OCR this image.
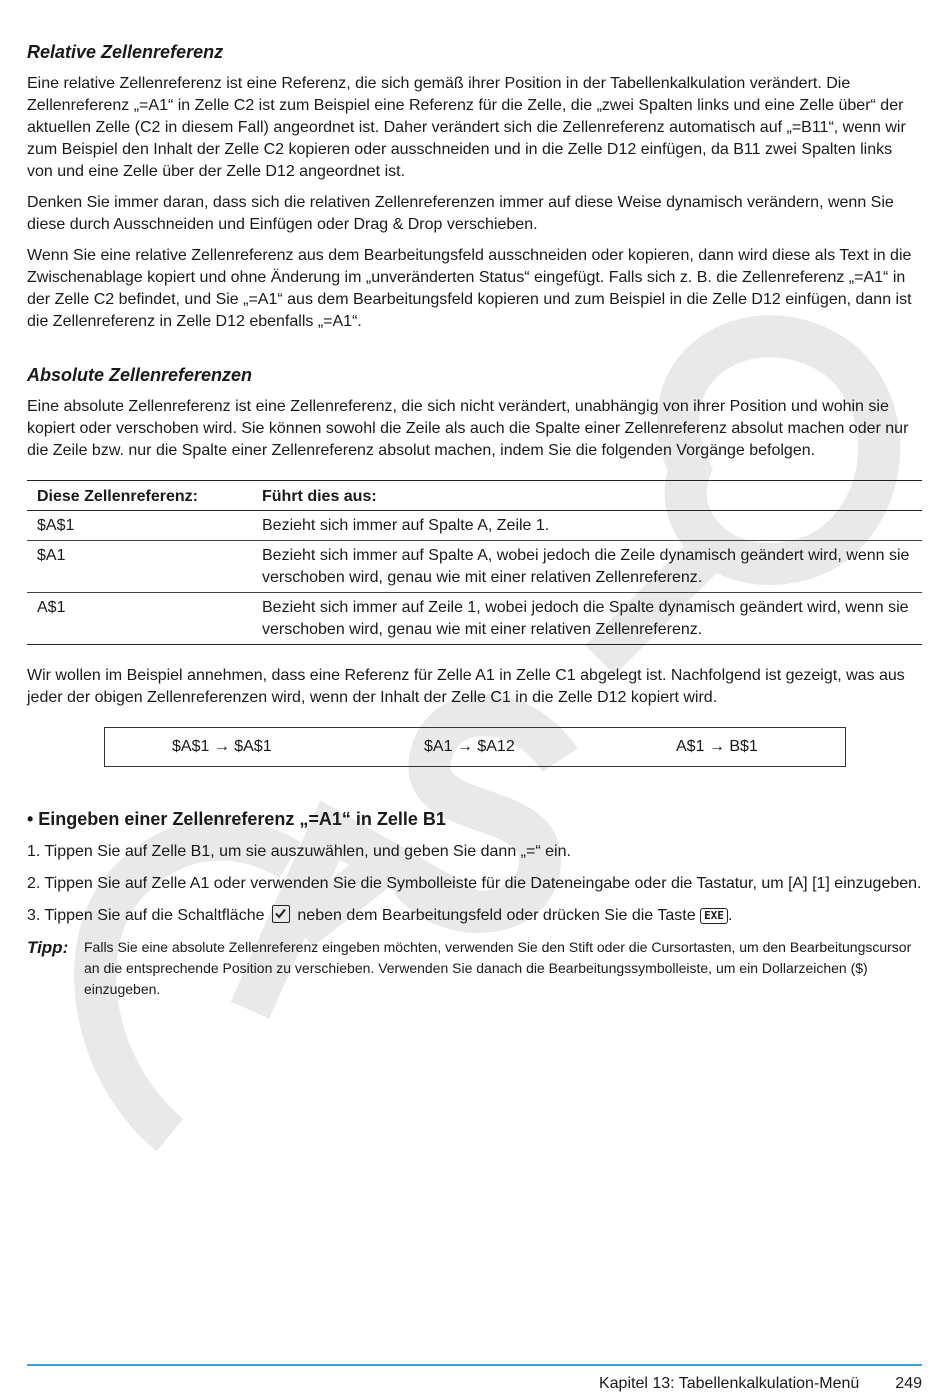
Relative Zellenreferenz

Eine relative Zellenreferenz ist eine Referenz, die sich gemäß ihrer Position in der Tabellenkalkulation verändert. Die Zellenreferenz „=A1“ in Zelle C2 ist zum Beispiel eine Referenz für die Zelle, die „zwei Spalten links und eine Zelle über“ der aktuellen Zelle (C2 in diesem Fall) angeordnet ist. Daher verändert sich die Zellenreferenz automatisch auf „=B11“, wenn wir zum Beispiel den Inhalt der Zelle C2 kopieren oder ausschneiden und in die Zelle D12 einfügen, da B11 zwei Spalten links von und eine Zelle über der Zelle D12 angeordnet ist.

Denken Sie immer daran, dass sich die relativen Zellenreferenzen immer auf diese Weise dynamisch verändern, wenn Sie diese durch Ausschneiden und Einfügen oder Drag & Drop verschieben.

Wenn Sie eine relative Zellenreferenz aus dem Bearbeitungsfeld ausschneiden oder kopieren, dann wird diese als Text in die Zwischenablage kopiert und ohne Änderung im „unveränderten Status“ eingefügt. Falls sich z. B. die Zellenreferenz „=A1“ in der Zelle C2 befindet, und Sie „=A1“ aus dem Bearbeitungsfeld kopieren und zum Beispiel in die Zelle D12 einfügen, dann ist die Zellenreferenz in Zelle D12 ebenfalls „=A1“.

Absolute Zellenreferenzen

Eine absolute Zellenreferenz ist eine Zellenreferenz, die sich nicht verändert, unabhängig von ihrer Position und wohin sie kopiert oder verschoben wird. Sie können sowohl die Zeile als auch die Spalte einer Zellenreferenz absolut machen oder nur die Zeile bzw. nur die Spalte einer Zellenreferenz absolut machen, indem Sie die folgenden Vorgänge befolgen.

Diese Zellenreferenz:	Führt dies aus:
$A$1	Bezieht sich immer auf Spalte A, Zeile 1.
$A1	Bezieht sich immer auf Spalte A, wobei jedoch die Zeile dynamisch geändert wird, wenn sie verschoben wird, genau wie mit einer relativen Zellenreferenz.
A$1	Bezieht sich immer auf Zeile 1, wobei jedoch die Spalte dynamisch geändert wird, wenn sie verschoben wird, genau wie mit einer relativen Zellenreferenz.

Wir wollen im Beispiel annehmen, dass eine Referenz für Zelle A1 in Zelle C1 abgelegt ist. Nachfolgend ist gezeigt, was aus jeder der obigen Zellenreferenzen wird, wenn der Inhalt der Zelle C1 in die Zelle D12 kopiert wird.

$A$1 → $A$1	$A1 → $A12	A$1 → B$1
• Eingeben einer Zellenreferenz „=A1“ in Zelle B1
1. Tippen Sie auf Zelle B1, um sie auszuwählen, und geben Sie dann „=“ ein.
2. Tippen Sie auf Zelle A1 oder verwenden Sie die Symbolleiste für die Dateneingabe oder die Tastatur, um [A] [1] einzugeben.
3. Tippen Sie auf die Schaltfläche neben dem Bearbeitungsfeld oder drücken Sie die Taste EXE .
Tipp:	Falls Sie eine absolute Zellenreferenz eingeben möchten, verwenden Sie den Stift oder die Cursortasten, um den Bearbeitungscursor an die entsprechende Position zu verschieben. Verwenden Sie danach die Bearbeitungssymbolleiste, um ein Dollarzeichen ($) einzugeben.
Kapitel 13: Tabellenkalkulation-Menü 249
